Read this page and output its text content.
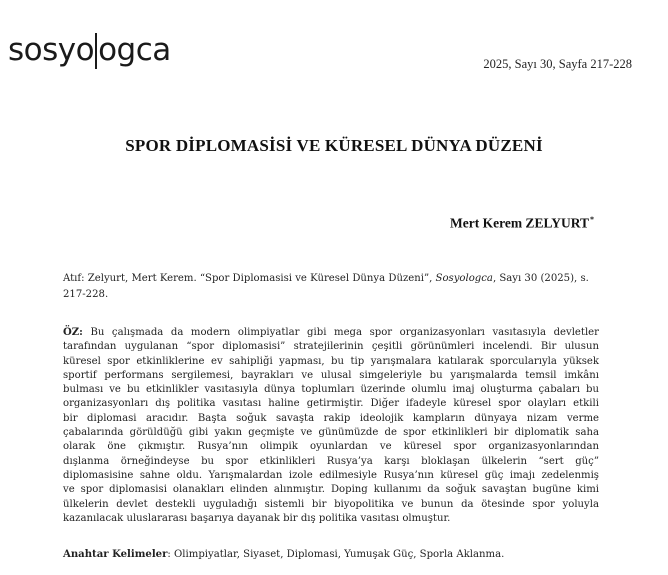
sosyo ogca	2025, Sayı 30, Sayfa 217-228
SPOR DİPLOMASİSİ VE KÜRESEL DÜNYA DÜZENİ
Mert Kerem ZELYURT*
Atıf: Zelyurt, Mert Kerem. “Spor Diplomasisi ve Küresel Dünya Düzeni”, Sosyologca, Sayı 30 (2025), s. 217-228.
ÖZ: Bu çalışmada da modern olimpiyatlar gibi mega spor organizasyonları vasıtasıyla devletler
tarafından uygulanan “spor diplomasisi” stratejilerinin çeşitli görünümleri incelendi. Bir ulusun
küresel spor etkinliklerine ev sahipliği yapması, bu tip yarışmalara katılarak sporcularıyla yüksek
sportif performans sergilemesi, bayrakları ve ulusal simgeleriyle bu yarışmalarda temsil imkânı
bulması ve bu etkinlikler vasıtasıyla dünya toplumları üzerinde olumlu imaj oluşturma çabaları bu
organizasyonları dış politika vasıtası haline getirmiştir. Diğer ifadeyle küresel spor olayları etkili
bir diplomasi aracıdır. Başta soğuk savaşta rakip ideolojik kampların dünyaya nizam verme
çabalarında görüldüğü gibi yakın geçmişte ve günümüzde de spor etkinlikleri bir diplomatik saha
olarak öne çıkmıştır. Rusya’nın olimpik oyunlardan ve küresel spor organizasyonlarından
dışlanma örneğindeyse bu spor etkinlikleri Rusya’ya karşı bloklaşan ülkelerin “sert güç”
diplomasisine sahne oldu. Yarışmalardan izole edilmesiyle Rusya’nın küresel güç imajı zedelenmiş
ve spor diplomasisi olanakları elinden alınmıştır. Doping kullanımı da soğuk savaştan bugüne kimi
ülkelerin devlet destekli uyguladığı sistemli bir biyopolitika ve bunun da ötesinde spor yoluyla
kazanılacak uluslararası başarıya dayanak bir dış politika vasıtası olmuştur.
Anahtar Kelimeler: Olimpiyatlar, Siyaset, Diplomasi, Yumuşak Güç, Sporla Aklanma.
